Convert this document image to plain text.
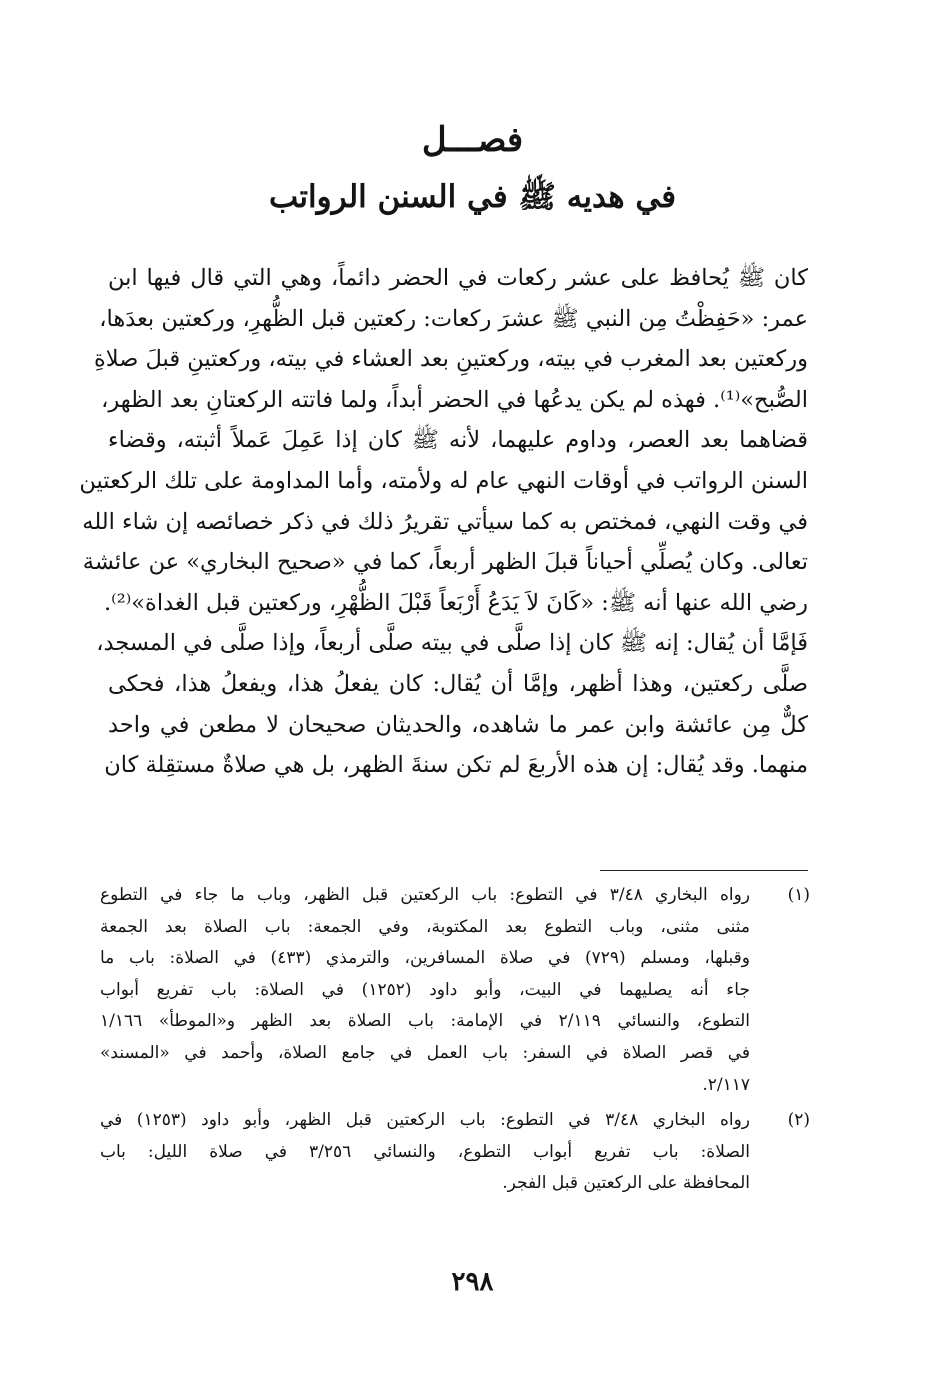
فصـــل
في هديه ﷺ في السنن الرواتب
كان ﷺ يُحافظ على عشر ركعات في الحضر دائماً، وهي التي قال فيها ابن
عمر: «حَفِظْتُ مِن النبي ﷺ عشرَ ركعات: ركعتين قبل الظُّهرِ، وركعتين بعدَها،
وركعتين بعد المغرب في بيته، وركعتينِ بعد العشاء في بيته، وركعتينِ قبلَ صلاةِ
الصُّبح»⁽¹⁾. فهذه لم يكن يدعُها في الحضر أبداً، ولما فاتته الركعتانِ بعد الظهر،
قضاهما بعد العصر، وداوم عليهما، لأنه ﷺ كان إذا عَمِلَ عَملاً أثبته، وقضاء
السنن الرواتب في أوقات النهي عام له ولأمته، وأما المداومة على تلك الركعتين
في وقت النهي، فمختص به كما سيأتي تقريرُ ذلك في ذكر خصائصه إن شاء الله
تعالى. وكان يُصلِّي أحياناً قبلَ الظهر أربعاً، كما في «صحيح البخاري» عن عائشة
رضي الله عنها أنه ﷺ: «كَانَ لاَ يَدَعُ أَرْبَعاً قَبْلَ الظُّهْرِ، وركعتين قبل الغداة»⁽²⁾.
فَإمَّا أن يُقال: إنه ﷺ كان إذا صلَّى في بيته صلَّى أربعاً، وإذا صلَّى في المسجد،
صلَّى ركعتين، وهذا أظهر، وإمَّا أن يُقال: كان يفعلُ هذا، ويفعلُ هذا، فحكى
كلٌّ مِن عائشة وابن عمر ما شاهده، والحديثان صحيحان لا مطعن في واحد
منهما. وقد يُقال: إن هذه الأربعَ لم تكن سنةَ الظهر، بل هي صلاةٌ مستقِلة كان
(١)
رواه البخاري ٣/٤٨ في التطوع: باب الركعتين قبل الظهر، وباب ما جاء في التطوع
مثنى مثنى، وباب التطوع بعد المكتوبة، وفي الجمعة: باب الصلاة بعد الجمعة
وقبلها، ومسلم (٧٢٩) في صلاة المسافرين، والترمذي (٤٣٣) في الصلاة: باب ما
جاء أنه يصليهما في البيت، وأبو داود (١٢٥٢) في الصلاة: باب تفريع أبواب
التطوع، والنسائي ٢/١١٩ في الإمامة: باب الصلاة بعد الظهر و«الموطأ» ١/١٦٦
في قصر الصلاة في السفر: باب العمل في جامع الصلاة، وأحمد في «المسند»
٢/١١٧.
(٢)
رواه البخاري ٣/٤٨ في التطوع: باب الركعتين قبل الظهر، وأبو داود (١٢٥٣) في
الصلاة: باب تفريع أبواب التطوع، والنسائي ٣/٢٥٦ في صلاة الليل: باب
المحافظة على الركعتين قبل الفجر.
٢٩٨
